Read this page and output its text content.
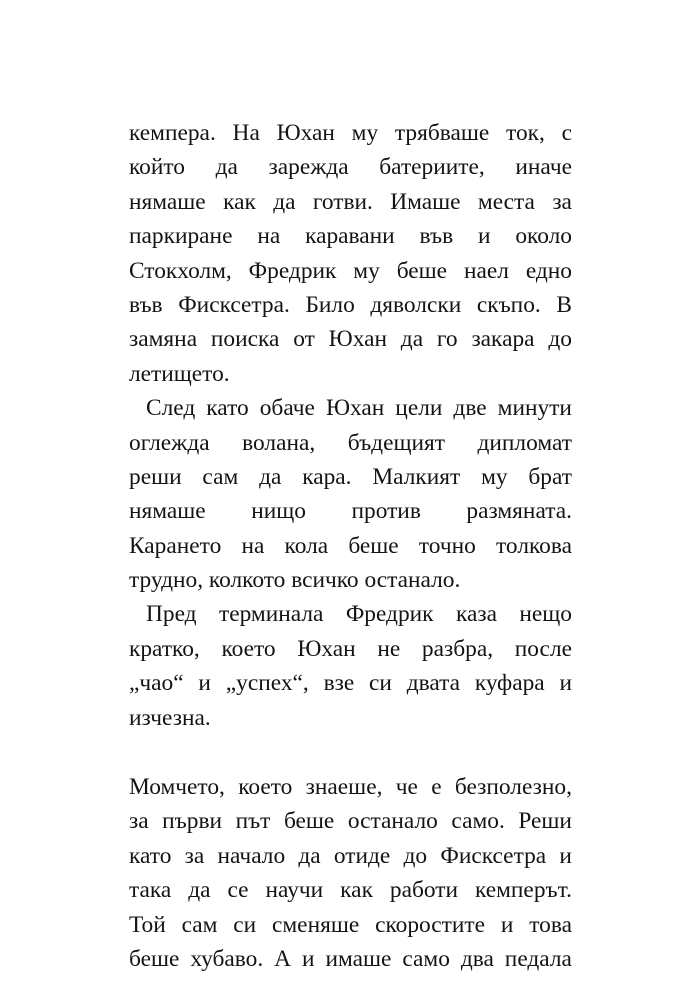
кемпера. На Юхан му трябваше ток, с
който да зарежда батериите, иначе
нямаше как да готви. Имаше места за
паркиране на каравани във и около
Стокхолм, Фредрик му беше наел едно
във Фисксетра. Било дяволски скъпо. В
замяна поиска от Юхан да го закара до
летището.
След като обаче Юхан цели две минути
оглежда волана, бъдещият дипломат
реши сам да кара. Малкият му брат
нямаше нищо против размяната.
Карането на кола беше точно толкова
трудно, колкото всичко останало.
Пред терминала Фредрик каза нещо
кратко, което Юхан не разбра, после
„чао“ и „успех“, взе си двата куфара и
изчезна.
Момчето, което знаеше, че е безполезно,
за първи път беше останало само. Реши
като за начало да отиде до Фисксетра и
така да се научи как работи кемперът.
Той сам си сменяше скоростите и това
беше хубаво. А и имаше само два педала
